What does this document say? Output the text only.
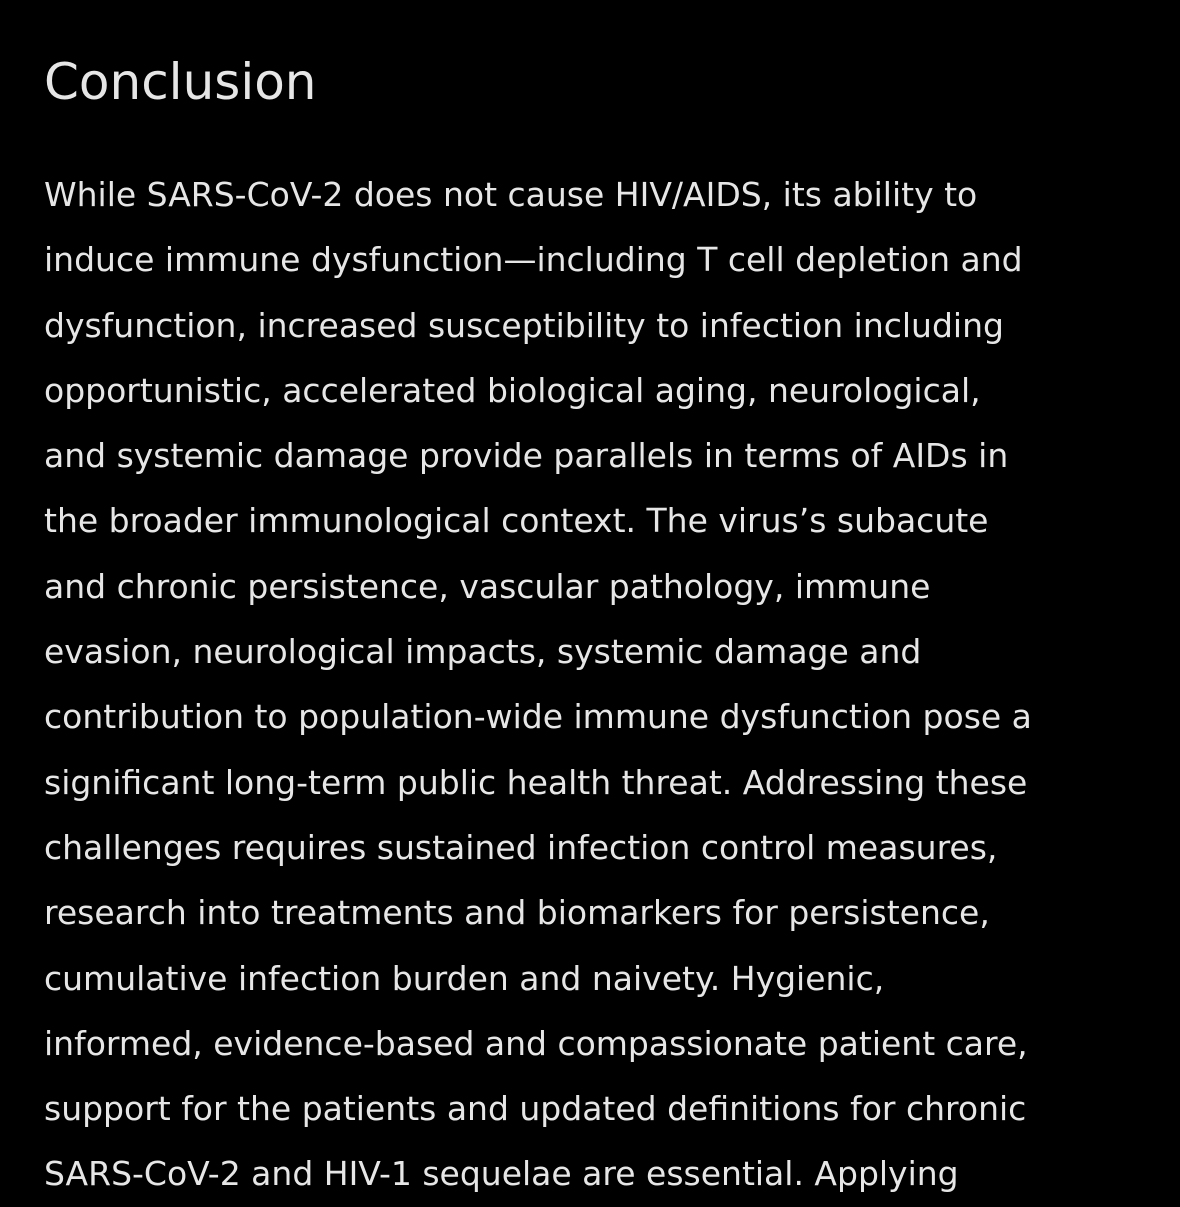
Conclusion

While SARS-CoV-2 does not cause HIV/AIDS, its ability to
induce immune dysfunction—including T cell depletion and
dysfunction, increased susceptibility to infection including
opportunistic, accelerated biological aging, neurological,
and systemic damage provide parallels in terms of AIDs in
the broader immunological context. The virus’s subacute
and chronic persistence, vascular pathology, immune
evasion, neurological impacts, systemic damage and
contribution to population-wide immune dysfunction pose a
significant long-term public health threat. Addressing these
challenges requires sustained infection control measures,
research into treatments and biomarkers for persistence,
cumulative infection burden and naivety. Hygienic,
informed, evidence-based and compassionate patient care,
support for the patients and updated definitions for chronic
SARS-CoV-2 and HIV-1 sequelae are essential. Applying
